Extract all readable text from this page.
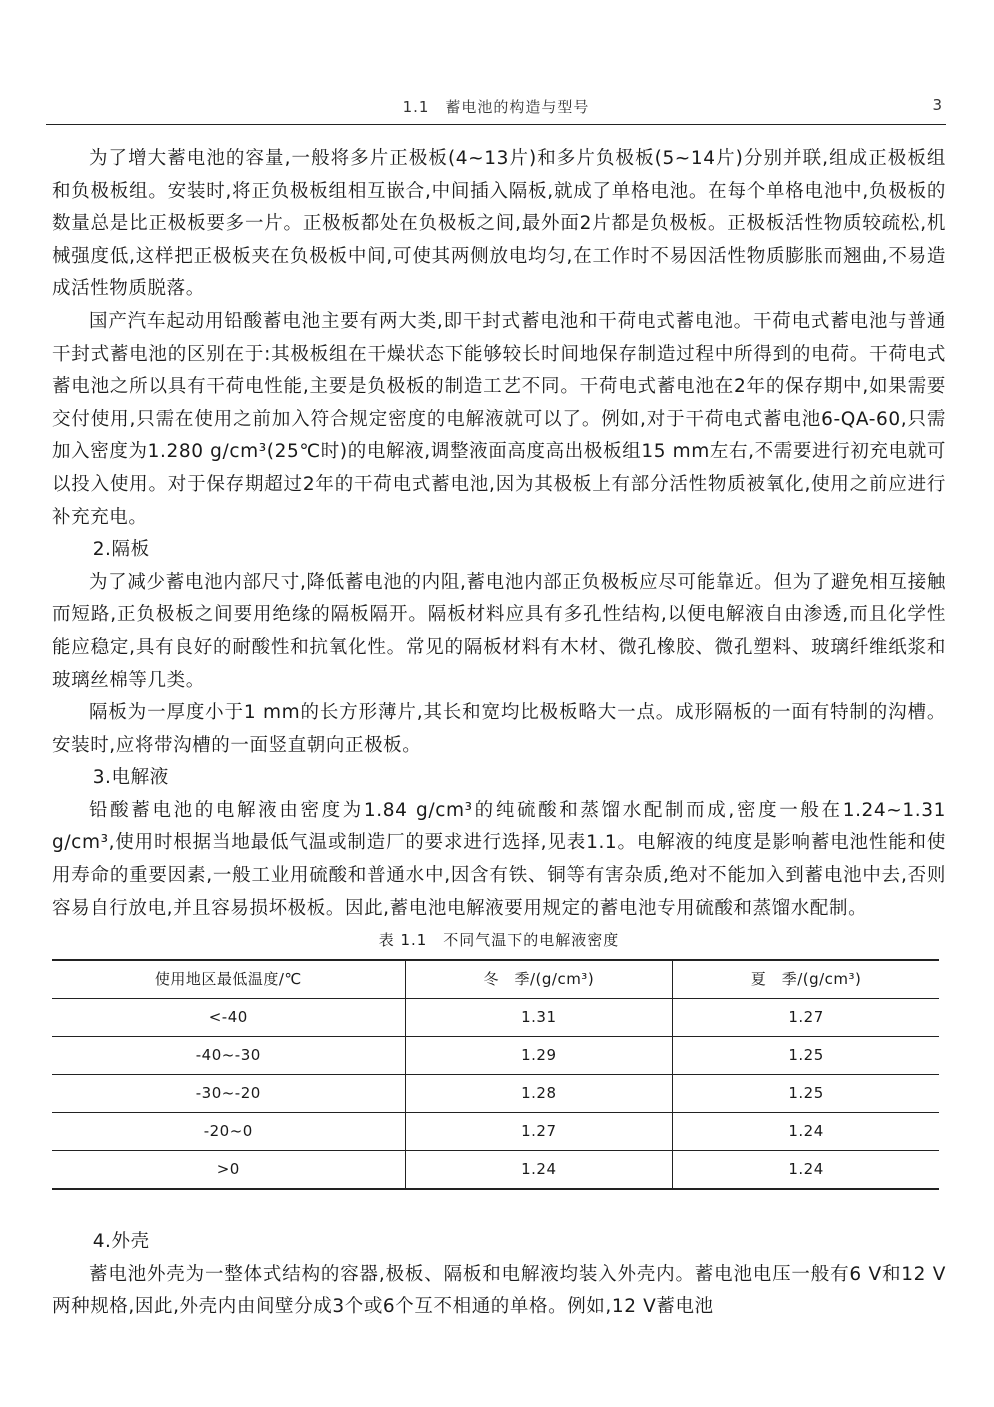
1.1　蓄电池的构造与型号	3

为了增大蓄电池的容量,一般将多片正极板(4~13片)和多片负极板(5~14片)分别并联,组成正极板组和负极板组。安装时,将正负极板组相互嵌合,中间插入隔板,就成了单格电池。在每个单格电池中,负极板的数量总是比正极板要多一片。正极板都处在负极板之间,最外面2片都是负极板。正极板活性物质较疏松,机械强度低,这样把正极板夹在负极板中间,可使其两侧放电均匀,在工作时不易因活性物质膨胀而翘曲,不易造成活性物质脱落。

国产汽车起动用铅酸蓄电池主要有两大类,即干封式蓄电池和干荷电式蓄电池。干荷电式蓄电池与普通干封式蓄电池的区别在于:其极板组在干燥状态下能够较长时间地保存制造过程中所得到的电荷。干荷电式蓄电池之所以具有干荷电性能,主要是负极板的制造工艺不同。干荷电式蓄电池在2年的保存期中,如果需要交付使用,只需在使用之前加入符合规定密度的电解液就可以了。例如,对于干荷电式蓄电池6-QA-60,只需加入密度为1.280 g/cm³(25℃时)的电解液,调整液面高度高出极板组15 mm左右,不需要进行初充电就可以投入使用。对于保存期超过2年的干荷电式蓄电池,因为其极板上有部分活性物质被氧化,使用之前应进行补充充电。

2.隔板

为了减少蓄电池内部尺寸,降低蓄电池的内阻,蓄电池内部正负极板应尽可能靠近。但为了避免相互接触而短路,正负极板之间要用绝缘的隔板隔开。隔板材料应具有多孔性结构,以便电解液自由渗透,而且化学性能应稳定,具有良好的耐酸性和抗氧化性。常见的隔板材料有木材、微孔橡胶、微孔塑料、玻璃纤维纸浆和玻璃丝棉等几类。

隔板为一厚度小于1 mm的长方形薄片,其长和宽均比极板略大一点。成形隔板的一面有特制的沟槽。安装时,应将带沟槽的一面竖直朝向正极板。

3.电解液

铅酸蓄电池的电解液由密度为1.84 g/cm³的纯硫酸和蒸馏水配制而成,密度一般在1.24~1.31 g/cm³,使用时根据当地最低气温或制造厂的要求进行选择,见表1.1。电解液的纯度是影响蓄电池性能和使用寿命的重要因素,一般工业用硫酸和普通水中,因含有铁、铜等有害杂质,绝对不能加入到蓄电池中去,否则容易自行放电,并且容易损坏极板。因此,蓄电池电解液要用规定的蓄电池专用硫酸和蒸馏水配制。

表 1.1　不同气温下的电解液密度
使用地区最低温度/℃	冬　季/(g/cm³)	夏　季/(g/cm³)
<-40	1.31	1.27
-40~-30	1.29	1.25
-30~-20	1.28	1.25
-20~0	1.27	1.24
>0	1.24	1.24

4.外壳

蓄电池外壳为一整体式结构的容器,极板、隔板和电解液均装入外壳内。蓄电池电压一般有6 V和12 V两种规格,因此,外壳内由间壁分成3个或6个互不相通的单格。例如,12 V蓄电池
